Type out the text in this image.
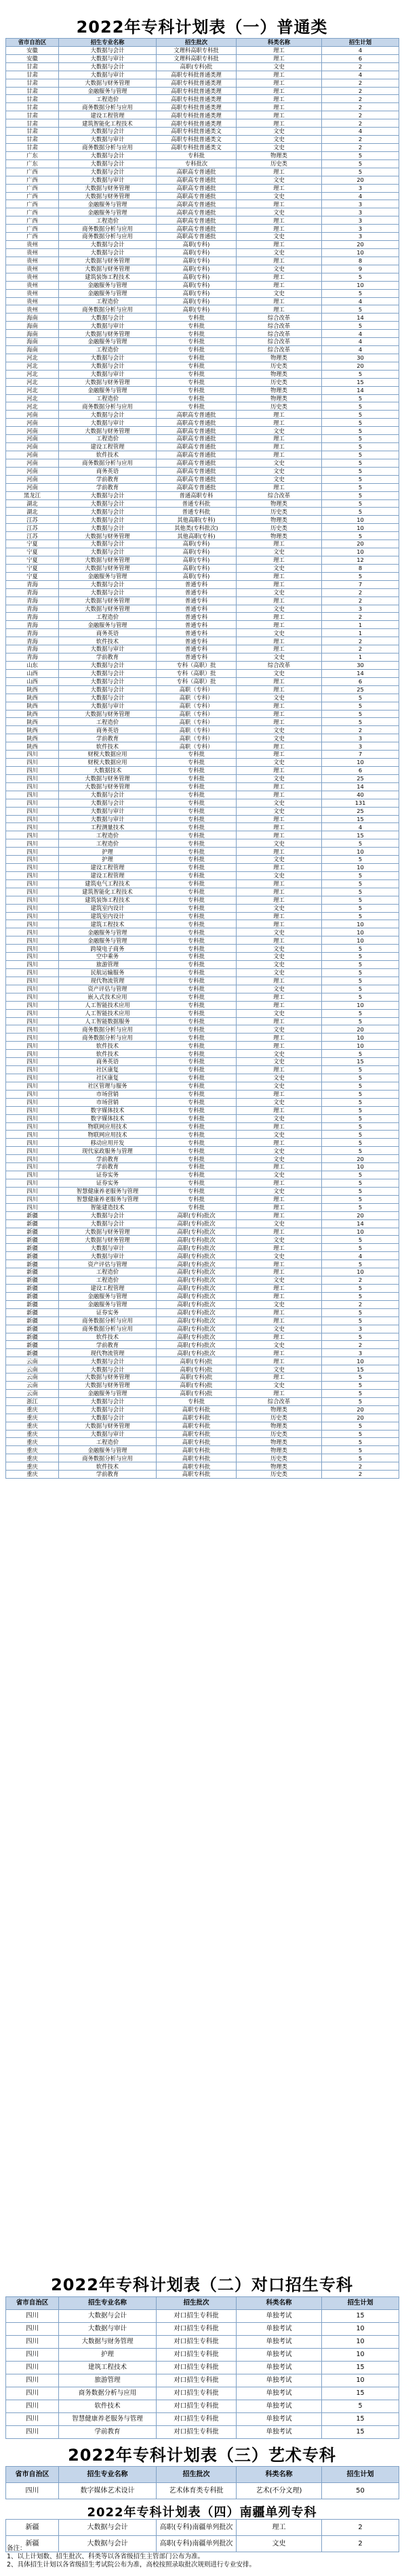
2022年专科计划表（一）普通类
省市自治区	招生专业名称	招生批次	科类名称	招生计划
安徽	大数据与会计	文理科高职专科批	理工	4
安徽	大数据与审计	文理科高职专科批	理工	6
甘肃	大数据与会计	高职(专科)批	文史	2
甘肃	大数据与审计	高职专科批普通类理	理工	4
甘肃	大数据与财务管理	高职专科批普通类理	理工	2
甘肃	金融服务与管理	高职专科批普通类理	理工	2
甘肃	工程造价	高职专科批普通类理	理工	2
甘肃	商务数据分析与应用	高职专科批普通类理	理工	2
甘肃	建设工程管理	高职专科批普通类理	理工	2
甘肃	建筑智能化工程技术	高职专科批普通类理	理工	2
甘肃	大数据与会计	高职专科批普通类文	文史	4
甘肃	大数据与审计	高职专科批普通类文	文史	2
甘肃	商务数据分析与应用	高职专科批普通类文	文史	2
广东	大数据与会计	专科批	物理类	5
广东	大数据与会计	专科批次	历史类	5
广西	大数据与会计	高职高专普通批	理工	5
广西	大数据与审计	高职高专普通批	文史	20
广西	大数据与财务管理	高职高专普通批	理工	3
广西	大数据与财务管理	高职高专普通批	文史	4
广西	金融服务与管理	高职高专普通批	理工	3
广西	金融服务与管理	高职高专普通批	文史	3
广西	工程造价	高职高专普通批	理工	3
广西	商务数据分析与应用	高职高专普通批	理工	3
广西	商务数据分析与应用	高职高专普通批	文史	3
贵州	大数据与会计	高职(专科)	理工	20
贵州	大数据与会计	高职(专科)	文史	10
贵州	大数据与财务管理	高职(专科)	理工	8
贵州	大数据与财务管理	高职(专科)	文史	9
贵州	建筑装饰工程技术	高职(专科)	理工	5
贵州	金融服务与管理	高职(专科)	理工	10
贵州	金融服务与管理	高职(专科)	文史	5
贵州	工程造价	高职(专科)	理工	4
贵州	商务数据分析与应用	高职(专科)	理工	5
海南	大数据与会计	专科批	综合改革	14
海南	大数据与审计	专科批	综合改革	5
海南	大数据与财务管理	专科批	综合改革	4
海南	金融服务与管理	专科批	综合改革	4
海南	工程造价	专科批	综合改革	4
河北	大数据与会计	专科批	物理类	30
河北	大数据与会计	专科批	历史类	20
河北	大数据与审计	专科批	物理类	5
河北	大数据与财务管理	专科批	历史类	15
河北	金融服务与管理	专科批	物理类	14
河北	工程造价	专科批	物理类	5
河北	商务数据分析与应用	专科批	历史类	5
河南	大数据与会计	高职高专普通批	理工	5
河南	大数据与审计	高职高专普通批	理工	5
河南	大数据与财务管理	高职高专普通批	文史	5
河南	工程造价	高职高专普通批	理工	5
河南	建设工程管理	高职高专普通批	理工	5
河南	软件技术	高职高专普通批	理工	5
河南	商务数据分析与应用	高职高专普通批	文史	5
河南	商务英语	高职高专普通批	文史	5
河南	学前教育	高职高专普通批	文史	5
河南	学前教育	高职高专普通批	理工	5
黑龙江	大数据与会计	普通高职专科	综合改革	5
湖北	大数据与会计	普通专科批	物理类	5
湖北	大数据与会计	普通专科批	历史类	5
江苏	大数据与会计	其他高职(专科)	物理类	10
江苏	大数据与会计	其他类(专科批次)	历史类	10
江苏	大数据与财务管理	其他高职(专科)	物理类	5
宁夏	大数据与会计	高职(专科)	理工	20
宁夏	大数据与会计	高职(专科)	文史	10
宁夏	大数据与财务管理	高职(专科)	理工	12
宁夏	大数据与财务管理	高职(专科)	文史	8
宁夏	金融服务与管理	高职(专科)	理工	5
青海	大数据与会计	普通专科	理工	7
青海	大数据与会计	普通专科	文史	2
青海	大数据与财务管理	普通专科	理工	2
青海	大数据与财务管理	普通专科	文史	3
青海	工程造价	普通专科	理工	2
青海	金融服务与管理	普通专科	理工	1
青海	商务英语	普通专科	文史	1
青海	软件技术	普通专科	理工	2
青海	大数据与审计	普通专科	理工	2
青海	学前教育	普通专科	文史	1
山东	大数据与会计	专科（高职）批	综合改革	30
山西	大数据与会计	专科（高职）批	文史	14
山西	大数据与会计	专科（高职）批	理工	6
陕西	大数据与会计	高职（专科）	理工	25
陕西	大数据与会计	高职（专科）	文史	5
陕西	大数据与审计	高职（专科）	理工	5
陕西	大数据与财务管理	高职（专科）	理工	5
陕西	工程造价	高职（专科）	理工	5
陕西	商务英语	高职（专科）	文史	2
陕西	学前教育	高职（专科）	文史	3
陕西	软件技术	高职（专科）	理工	3
四川	财税大数据应用	专科批	理工	7
四川	财税大数据应用	专科批	文史	10
四川	大数据技术	专科批	理工	6
四川	大数据与财务管理	专科批	文史	25
四川	大数据与财务管理	专科批	理工	14
四川	大数据与会计	专科批	理工	40
四川	大数据与会计	专科批	文史	131
四川	大数据与审计	专科批	文史	25
四川	大数据与审计	专科批	理工	15
四川	工程测量技术	专科批	理工	4
四川	工程造价	专科批	理工	15
四川	工程造价	专科批	文史	5
四川	护理	专科批	理工	10
四川	护理	专科批	文史	5
四川	建设工程管理	专科批	理工	10
四川	建设工程管理	专科批	文史	5
四川	建筑电气工程技术	专科批	理工	5
四川	建筑智能化工程技术	专科批	理工	5
四川	建筑装饰工程技术	专科批	理工	5
四川	建筑室内设计	专科批	文史	5
四川	建筑室内设计	专科批	理工	5
四川	建筑工程技术	专科批	理工	10
四川	金融服务与管理	专科批	文史	10
四川	金融服务与管理	专科批	理工	10
四川	跨境电子商务	专科批	文史	5
四川	空中乘务	专科批	文史	5
四川	旅游管理	专科批	文史	5
四川	民航运输服务	专科批	文史	5
四川	现代物流管理	专科批	理工	5
四川	资产评估与管理	专科批	文史	5
四川	嵌入式技术应用	专科批	理工	5
四川	人工智能技术应用	专科批	理工	10
四川	人工智能技术应用	专科批	文史	5
四川	人工智能数据服务	专科批	理工	5
四川	商务数据分析与应用	专科批	文史	20
四川	商务数据分析与应用	专科批	理工	10
四川	软件技术	专科批	理工	10
四川	软件技术	专科批	文史	5
四川	商务英语	专科批	文史	15
四川	社区康复	专科批	理工	5
四川	社区康复	专科批	文史	5
四川	社区管理与服务	专科批	文史	5
四川	市场营销	专科批	理工	5
四川	市场营销	专科批	文史	5
四川	数字媒体技术	专科批	理工	5
四川	数字媒体技术	专科批	文史	5
四川	物联网应用技术	专科批	理工	5
四川	物联网应用技术	专科批	文史	5
四川	移动应用开发	专科批	理工	5
四川	现代家政服务与管理	专科批	文史	5
四川	学前教育	专科批	文史	20
四川	学前教育	专科批	理工	10
四川	证券实务	专科批	文史	5
四川	证券实务	专科批	理工	5
四川	智慧健康养老服务与管理	专科批	文史	5
四川	智慧健康养老服务与管理	专科批	理工	5
四川	智能建造技术	专科批	理工	5
新疆	大数据与会计	高职(专科)批次	理工	20
新疆	大数据与会计	高职(专科)批次	文史	14
新疆	大数据与财务管理	高职(专科)批次	理工	10
新疆	大数据与财务管理	高职(专科)批次	文史	5
新疆	大数据与审计	高职(专科)批次	理工	5
新疆	大数据与审计	高职(专科)批次	文史	4
新疆	资产评估与管理	高职(专科)批次	理工	5
新疆	工程造价	高职(专科)批次	理工	10
新疆	工程造价	高职(专科)批次	文史	2
新疆	建设工程管理	高职(专科)批次	理工	5
新疆	金融服务与管理	高职(专科)批次	理工	5
新疆	金融服务与管理	高职(专科)批次	文史	2
新疆	证券实务	高职(专科)批次	理工	5
新疆	商务数据分析与应用	高职(专科)批次	理工	5
新疆	商务数据分析与应用	高职(专科)批次	文史	3
新疆	软件技术	高职(专科)批次	理工	5
新疆	学前教育	高职(专科)批次	文史	2
新疆	现代物流管理	高职(专科)批次	理工	3
云南	大数据与会计	高职(专科)批	理工	10
云南	大数据与会计	高职(专科)批	文史	15
云南	大数据与财务管理	高职(专科)批	理工	5
云南	大数据与财务管理	高职(专科)批	文史	5
云南	金融服务与管理	高职(专科)批	理工	5
浙江	大数据与会计	专科批	综合改革	5
重庆	大数据与会计	高职专科批	物理类	20
重庆	大数据与会计	高职专科批	历史类	20
重庆	大数据与财务管理	高职专科批	物理类	5
重庆	大数据与审计	高职专科批	历史类	5
重庆	工程造价	高职专科批	物理类	5
重庆	金融服务与管理	高职专科批	物理类	5
重庆	商务数据分析与应用	高职专科批	历史类	5
重庆	软件技术	高职专科批	物理类	2
重庆	学前教育	高职专科批	历史类	2
2022年专科计划表（二）对口招生专科
省市自治区	招生专业名称	招生批次	科类名称	招生计划
四川	大数据与会计	对口招生专科批	单独考试	15
四川	大数据与审计	对口招生专科批	单独考试	10
四川	大数据与财务管理	对口招生专科批	单独考试	10
四川	护理	对口招生专科批	单独考试	10
四川	建筑工程技术	对口招生专科批	单独考试	15
四川	旅游管理	对口招生专科批	单独考试	10
四川	商务数据分析与应用	对口招生专科批	单独考试	15
四川	软件技术	对口招生专科批	单独考试	5
四川	智慧健康养老服务与管理	对口招生专科批	单独考试	15
四川	学前教育	对口招生专科批	单独考试	15
2022年专科计划表（三）艺术专科
省市自治区	招生专业名称	招生批次	科类名称	招生计划
四川	数字媒体艺术设计	艺术体育类专科批	艺术(不分文理)	50
2022年专科计划表（四）南疆单列专科
新疆	大数据与会计	高职(专科)南疆单列批次	理工	2
新疆	大数据与会计	高职(专科)南疆单列批次	文史	2
备注：
1、以上计划数、招生批次、科类等以各省级招生主管部门公布为准。
2、具体招生计划以各省级招生考试院公布为准，高校按照录取批次规则进行专业安排。
